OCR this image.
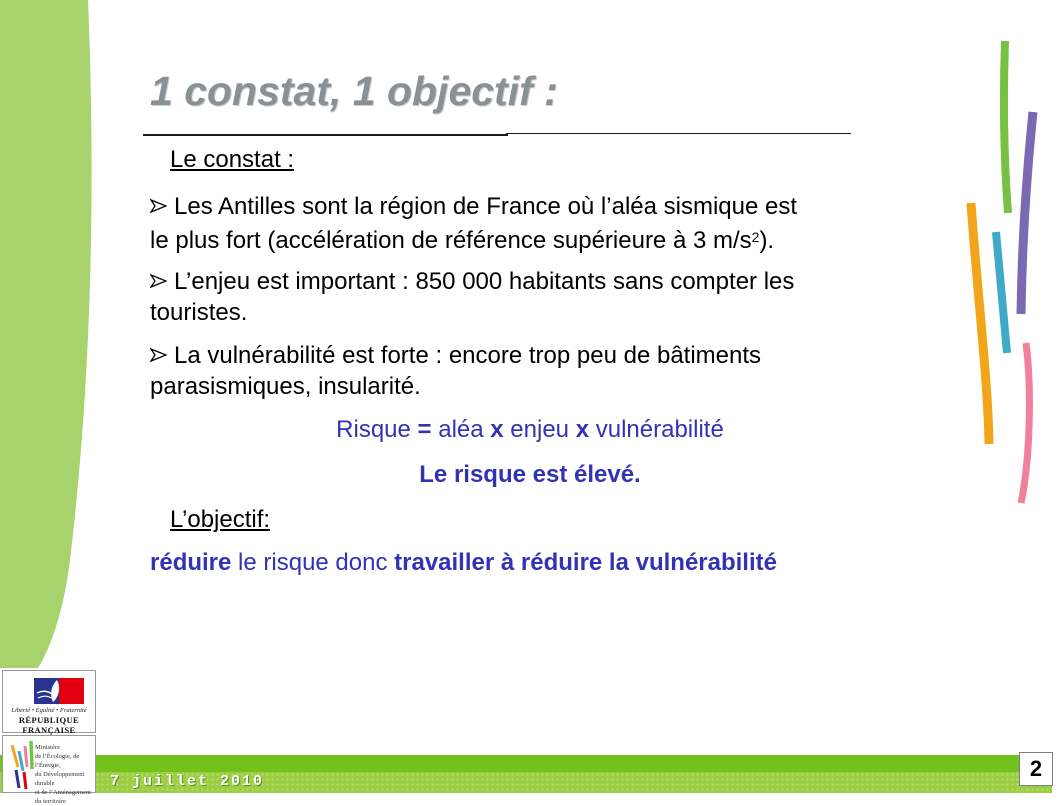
1 constat, 1 objectif :
Le constat :
Les Antilles sont la région de France où l’aléa sismique est
le plus fort (accélération de référence supérieure à 3 $m/s^2$).
L’enjeu est important : 850 000 habitants sans compter les
touristes.
La vulnérabilité est forte : encore trop peu de bâtiments
parasismiques, insularité.
Risque = aléa x enjeu x vulnérabilité
Le risque est élevé.
L’objectif:
réduire le risque donc travailler à réduire la vulnérabilité
7 juillet 2010
2
Liberté • Égalité • Fraternité
RÉPUBLIQUE FRANÇAISE
Ministère
de l’Écologie, de l’Énergie,
du Développement durable
et de l’Aménagement
du territoire
